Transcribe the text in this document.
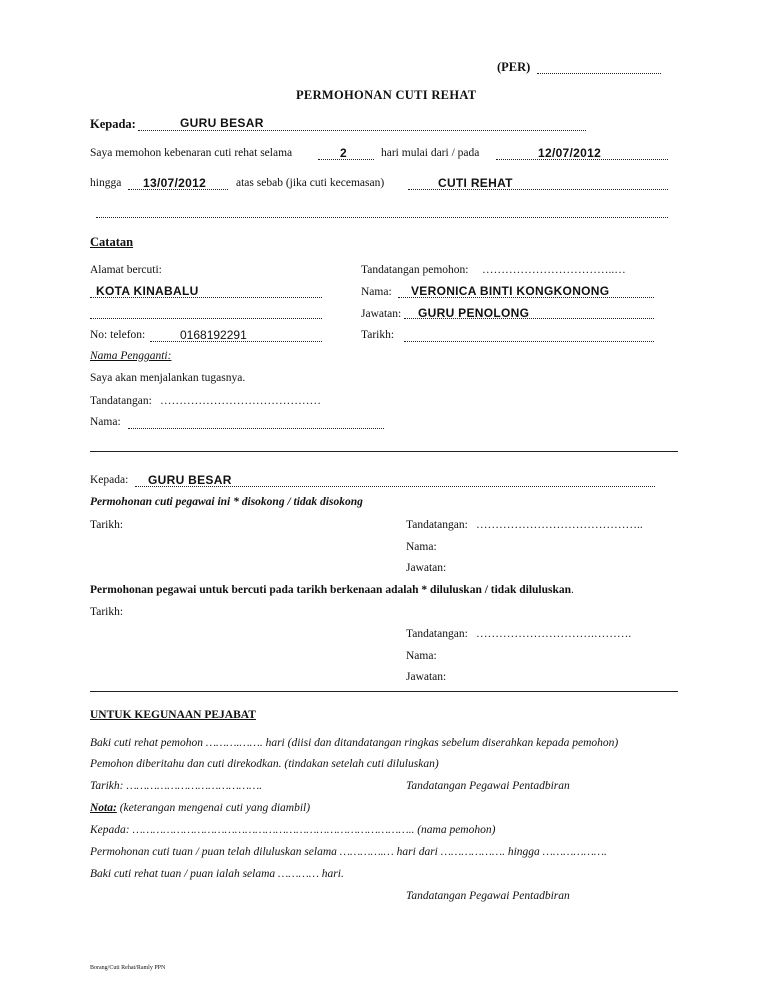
(PER)
PERMOHONAN CUTI REHAT
Kepada:	GURU BESAR
Saya memohon kebenaran cuti rehat selama	2	hari mulai dari / pada	12/07/2012
hingga 13/07/2012	atas sebab (jika cuti kecemasan)	CUTI REHAT
Catatan
Alamat bercuti:
KOTA KINABALU
No: telefon:	0168192291
Tandatangan pemohon: ……………………………..…
Nama: VERONICA BINTI KONGKONONG
Jawatan: GURU PENOLONG
Tarikh:
Nama Pengganti:
Saya akan menjalankan tugasnya.
Tandatangan: ……………………………………
Nama:
Kepada: GURU BESAR
Permohonan cuti pegawai ini * disokong / tidak disokong
Tarikh:	Tandatangan: ……………………………………..
Nama:
Jawatan:
Permohonan pegawai untuk bercuti pada tarikh berkenaan adalah * diluluskan / tidak diluluskan.
Tarikh:
Tandatangan: ………………………….……….
Nama:
Jawatan:
UNTUK KEGUNAAN PEJABAT
Baki cuti rehat pemohon ……….……. hari (diisi dan ditandatangan ringkas sebelum diserahkan kepada pemohon)
Pemohon diberitahu dan cuti direkodkan. (tindakan setelah cuti diluluskan)
Tarikh: ………………………………….	Tandatangan Pegawai Pentadbiran
Nota: (keterangan mengenai cuti yang diambil)
Kepada: ……………………………………………………………………….. (nama pemohon)
Permohonan cuti tuan / puan telah diluluskan selama ………….… hari dari ………………. hingga ……………….
Baki cuti rehat tuan / puan ialah selama ………… hari.
Tandatangan Pegawai Pentadbiran
Borang/Cuti Rehat/Ramly PPN
